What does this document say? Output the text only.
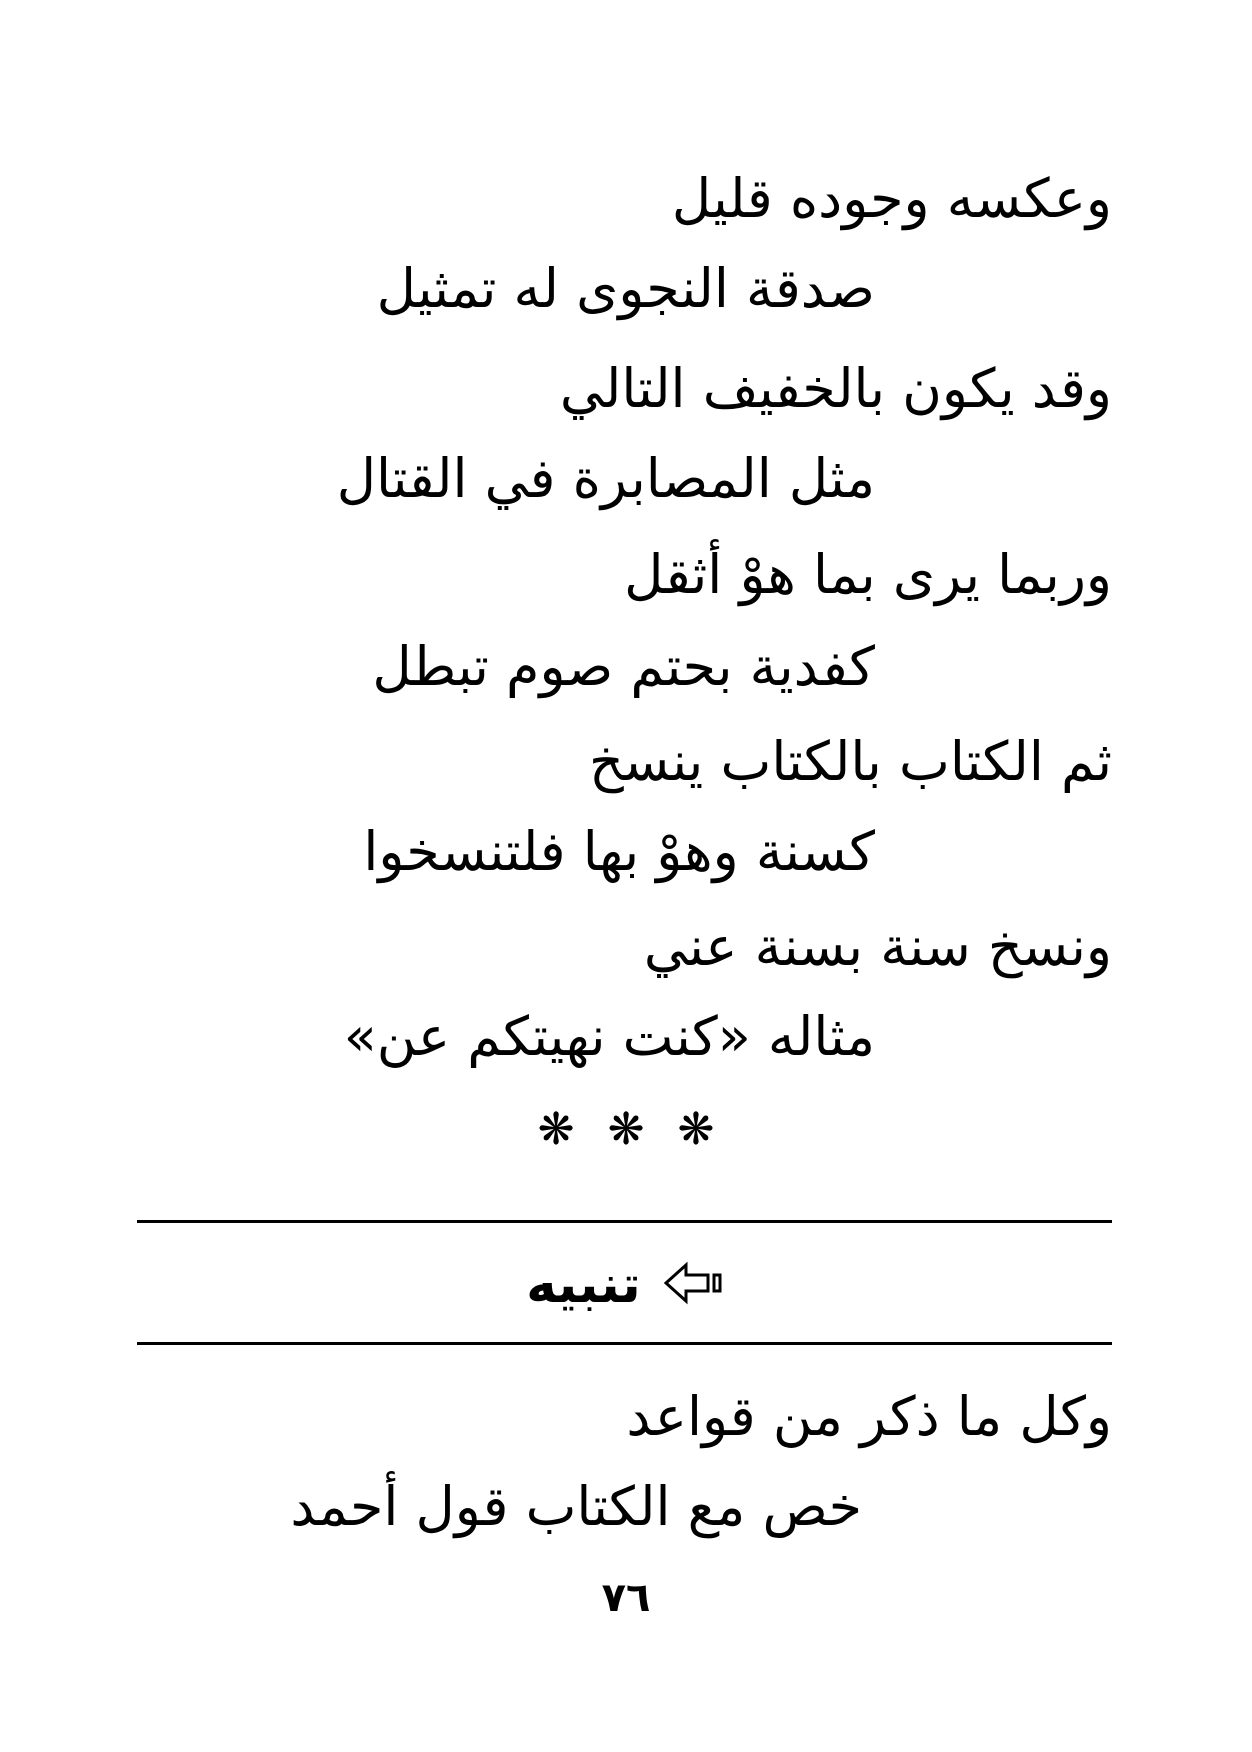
وعكسه وجوده قليل
صدقة النجوى له تمثيل
وقد يكون بالخفيف التالي
مثل المصابرة في القتال
وربما يرى بما هوْ أثقل
كفدية بحتم صوم تبطل
ثم الكتاب بالكتاب ينسخ
كسنة وهوْ بها فلتنسخوا
ونسخ سنة بسنة عني
مثاله «كنت نهيتكم عن»
❋ ❋ ❋
تنبيه
وكل ما ذكر من قواعد
خص مع الكتاب قول أحمد
٧٦
